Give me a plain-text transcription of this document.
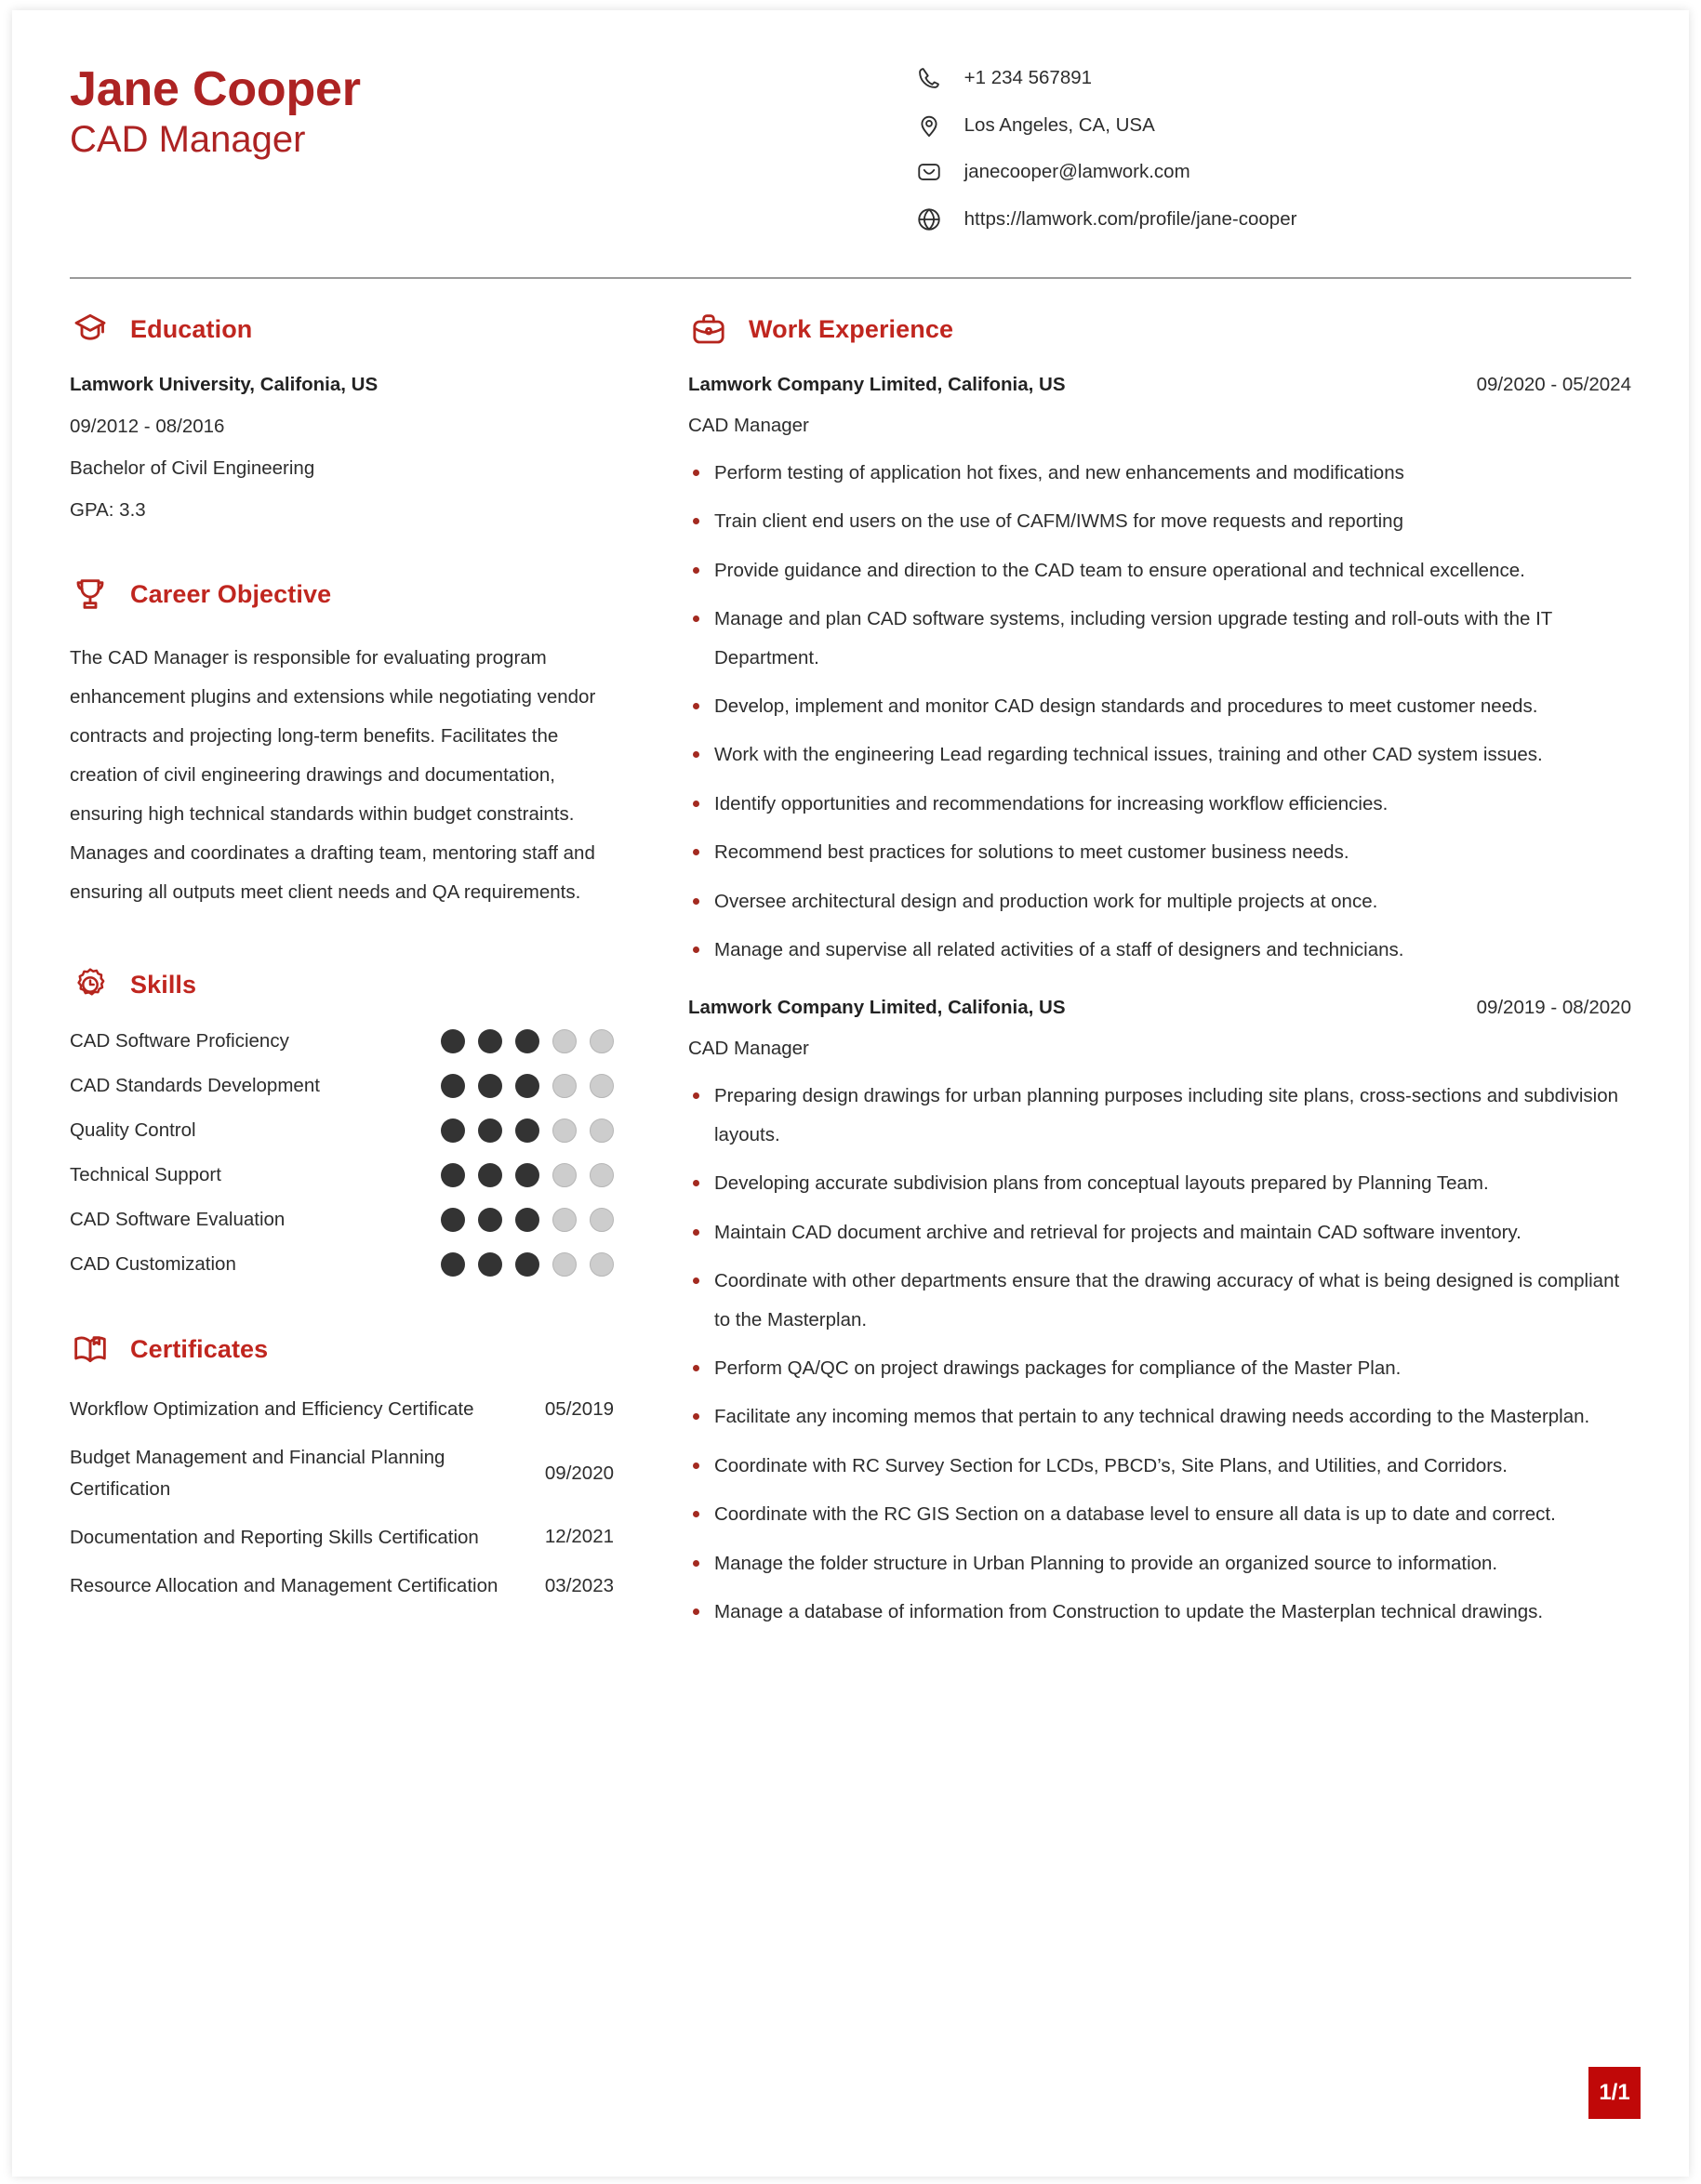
Jane Cooper
CAD Manager
+1 234 567891
Los Angeles, CA, USA
janecooper@lamwork.com
https://lamwork.com/profile/jane-cooper
Education
Lamwork University, Califonia, US
09/2012 - 08/2016
Bachelor of Civil Engineering
GPA: 3.3
Career Objective
The CAD Manager is responsible for evaluating program enhancement plugins and extensions while negotiating vendor contracts and projecting long-term benefits. Facilitates the creation of civil engineering drawings and documentation, ensuring high technical standards within budget constraints. Manages and coordinates a drafting team, mentoring staff and ensuring all outputs meet client needs and QA requirements.
Skills
CAD Software Proficiency
CAD Standards Development
Quality Control
Technical Support
CAD Software Evaluation
CAD Customization
Certificates
Workflow Optimization and Efficiency Certificate	05/2019
Budget Management and Financial Planning Certification
09/2020
Documentation and Reporting Skills Certification	12/2021
Resource Allocation and Management Certification	03/2023
Work Experience
Lamwork Company Limited, Califonia, US	09/2020 - 05/2024
CAD Manager
Perform testing of application hot fixes, and new enhancements and modifications
Train client end users on the use of CAFM/IWMS for move requests and reporting
Provide guidance and direction to the CAD team to ensure operational and technical excellence.
Manage and plan CAD software systems, including version upgrade testing and roll-outs with the IT Department.
Develop, implement and monitor CAD design standards and procedures to meet customer needs.
Work with the engineering Lead regarding technical issues, training and other CAD system issues.
Identify opportunities and recommendations for increasing workflow efficiencies.
Recommend best practices for solutions to meet customer business needs.
Oversee architectural design and production work for multiple projects at once.
Manage and supervise all related activities of a staff of designers and technicians.
Lamwork Company Limited, Califonia, US	09/2019 - 08/2020
CAD Manager
Preparing design drawings for urban planning purposes including site plans, cross-sections and subdivision layouts.
Developing accurate subdivision plans from conceptual layouts prepared by Planning Team.
Maintain CAD document archive and retrieval for projects and maintain CAD software inventory.
Coordinate with other departments ensure that the drawing accuracy of what is being designed is compliant to the Masterplan.
Perform QA/QC on project drawings packages for compliance of the Master Plan.
Facilitate any incoming memos that pertain to any technical drawing needs according to the Masterplan.
Coordinate with RC Survey Section for LCDs, PBCD’s, Site Plans, and Utilities, and Corridors.
Coordinate with the RC GIS Section on a database level to ensure all data is up to date and correct.
Manage the folder structure in Urban Planning to provide an organized source to information.
Manage a database of information from Construction to update the Masterplan technical drawings.
1/1
